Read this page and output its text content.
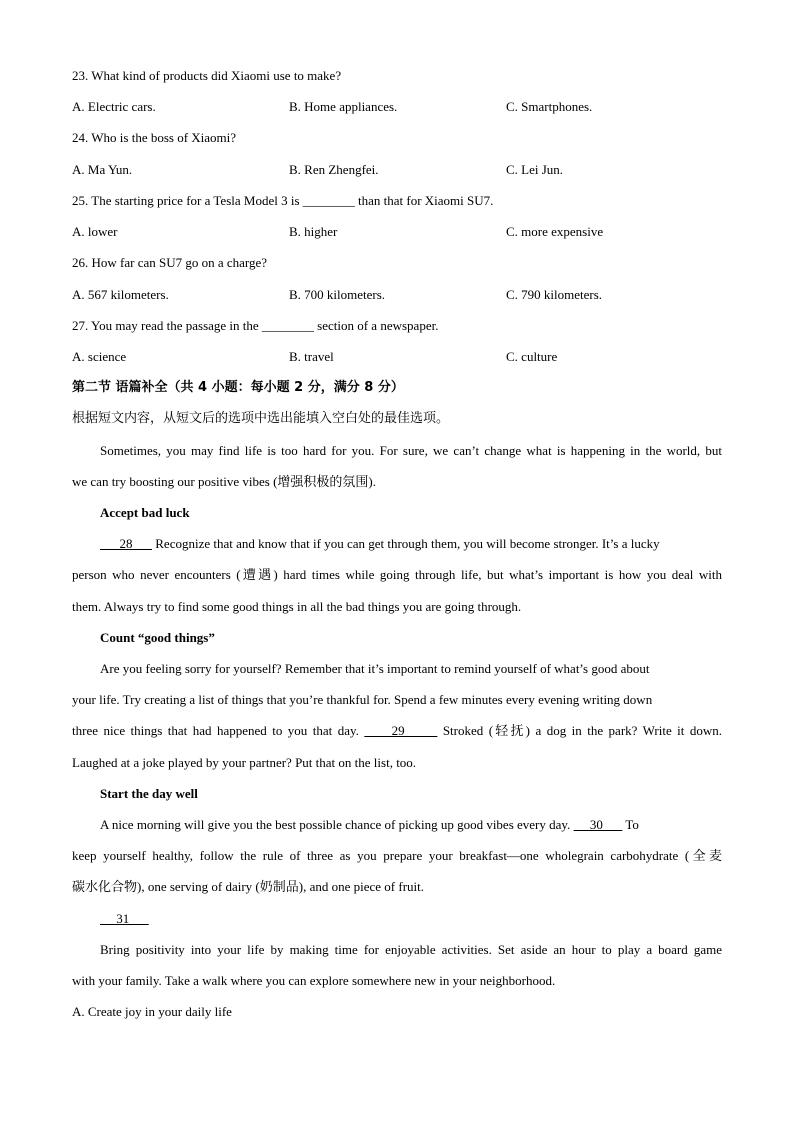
23. What kind of products did Xiaomi use to make?
A. Electric cars.	B. Home appliances.	C. Smartphones.
24. Who is the boss of Xiaomi?
A. Ma Yun.	B. Ren Zhengfei.	C. Lei Jun.
25. The starting price for a Tesla Model 3 is ________ than that for Xiaomi SU7.
A. lower	B. higher	C. more expensive
26. How far can SU7 go on a charge?
A. 567 kilometers.	B. 700 kilometers.	C. 790 kilometers.
27. You may read the passage in the ________ section of a newspaper.
A. science	B. travel	C. culture
第二节 语篇补全（共 4 小题：每小题 2 分，满分 8 分）
根据短文内容，从短文后的选项中选出能填入空白处的最佳选项。
Sometimes, you may find life is too hard for you. For sure, we can’t change what is happening in the world, but
we can try boosting our positive vibes (增强积极的氛围).
Accept bad luck
28       Recognize that and know that if you can get through them, you will become stronger. It’s a lucky
person who never encounters (遭遇) hard times while going through life, but what’s important is how you deal with
them. Always try to find some good things in all the bad things you are going through.
Count “good things”
Are you feeling sorry for yourself? Remember that it’s important to remind yourself of what’s good about
your life. Try creating a list of things that you’re thankful for. Spend a few minutes every evening writing down
three nice things that had happened to you that day.      29       Stroked (轻抚) a dog in the park? Write it down.
Laughed at a joke played by your partner? Put that on the list, too.
Start the day well
A nice morning will give you the best possible chance of picking up good vibes every day.      30       To
keep yourself healthy, follow the rule of three as you prepare your breakfast—one wholegrain carbohydrate (全麦
碳水化合物), one serving of dairy (奶制品), and one piece of fruit.
31
Bring positivity into your life by making time for enjoyable activities. Set aside an hour to play a board game
with your family. Take a walk where you can explore somewhere new in your neighborhood.
A. Create joy in your daily life
